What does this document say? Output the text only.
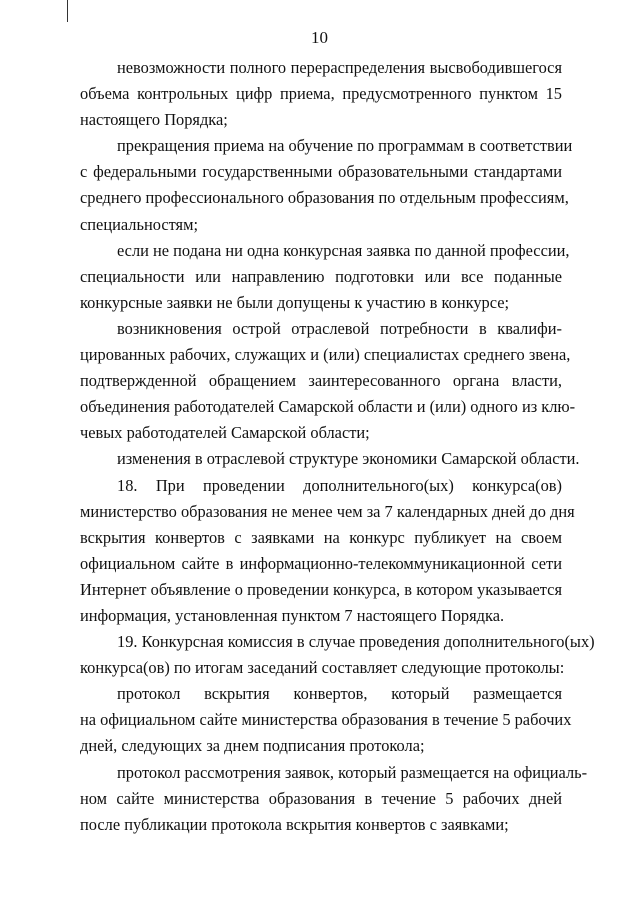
10
невозможности полного перераспределения высвободившегося
объема контрольных цифр приема, предусмотренного пунктом 15
настоящего Порядка;
прекращения приема на обучение по программам в соответствии
с федеральными государственными образовательными стандартами
среднего профессионального образования по отдельным профессиям,
специальностям;
если не подана ни одна конкурсная заявка по данной профессии,
специальности или направлению подготовки или все поданные
конкурсные заявки не были допущены к участию в конкурсе;
возникновения острой отраслевой потребности в квалифи-
цированных рабочих, служащих и (или) специалистах среднего звена,
подтвержденной обращением заинтересованного органа власти,
объединения работодателей Самарской области и (или) одного из клю-
чевых работодателей Самарской области;
изменения в отраслевой структуре экономики Самарской области.
18. При проведении дополнительного(ых) конкурса(ов)
министерство образования не менее чем за 7 календарных дней до дня
вскрытия конвертов с заявками на конкурс публикует на своем
официальном сайте в информационно-телекоммуникационной сети
Интернет объявление о проведении конкурса, в котором указывается
информация, установленная пунктом 7 настоящего Порядка.
19. Конкурсная комиссия в случае проведения дополнительного(ых)
конкурса(ов) по итогам заседаний составляет следующие протоколы:
протокол вскрытия конвертов, который размещается
на официальном сайте министерства образования в течение 5 рабочих
дней, следующих за днем подписания протокола;
протокол рассмотрения заявок, который размещается на официаль-
ном сайте министерства образования в течение 5 рабочих дней
после публикации протокола вскрытия конвертов с заявками;
